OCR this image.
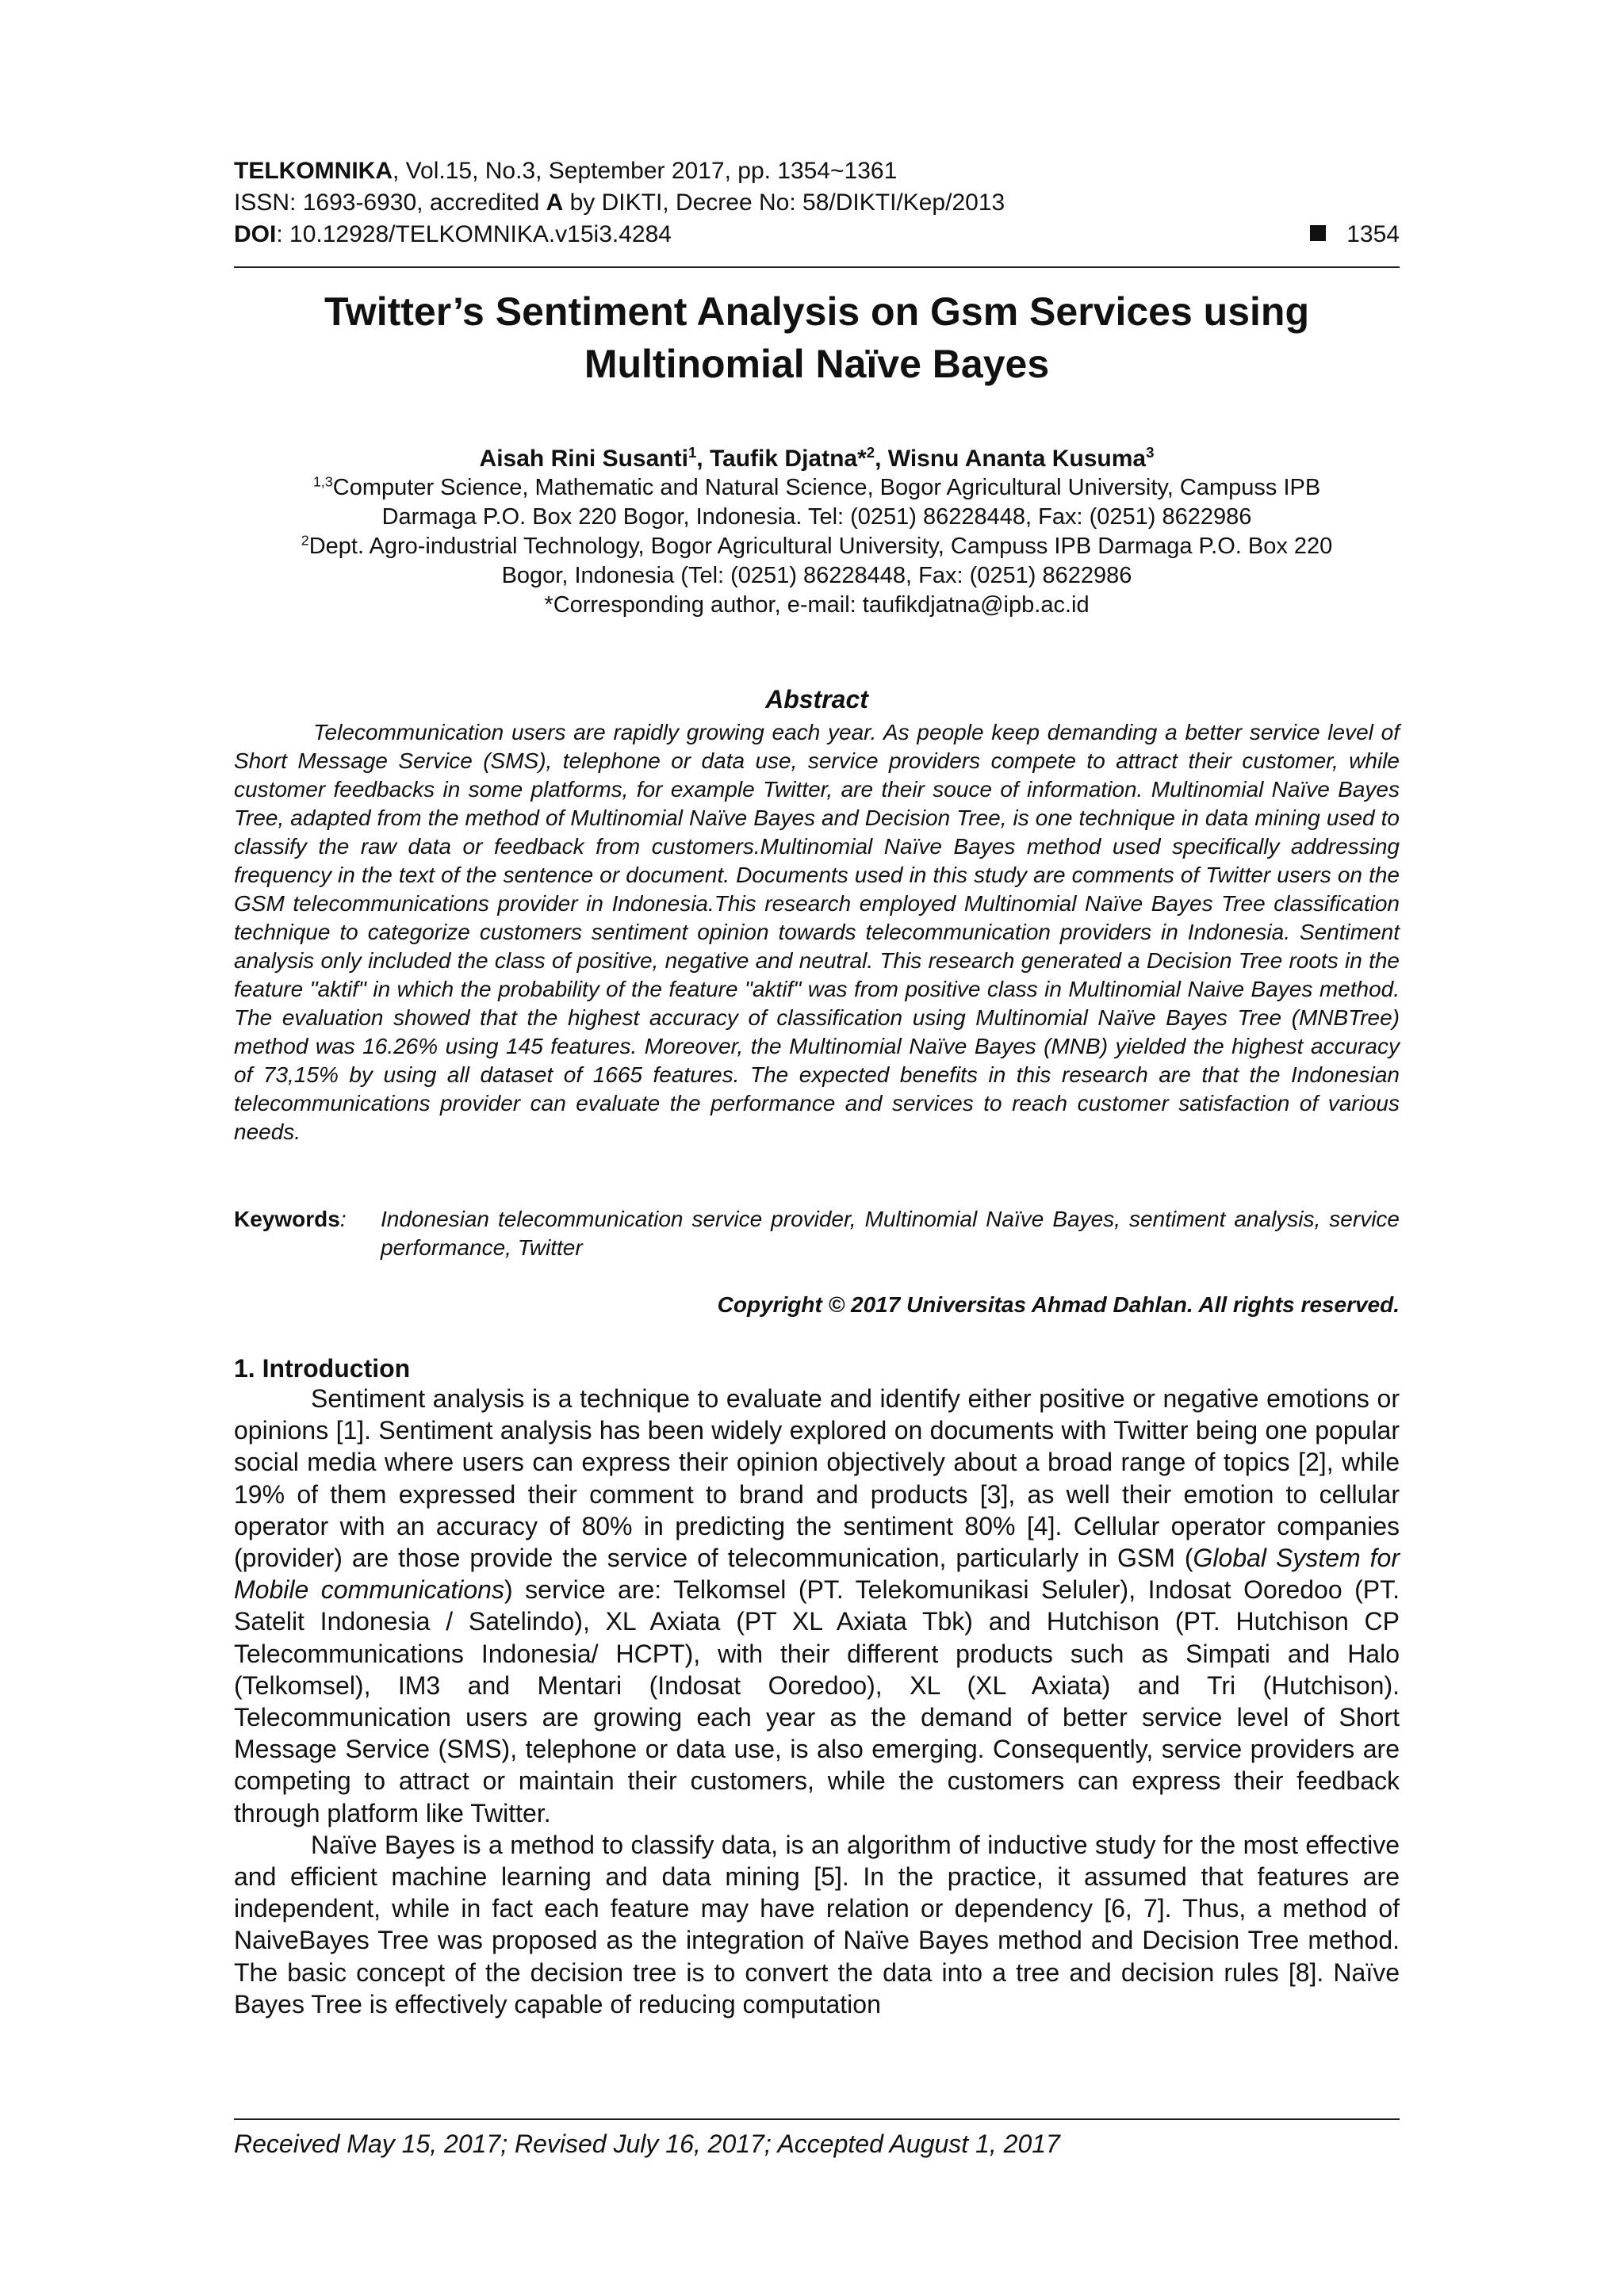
TELKOMNIKA, Vol.15, No.3, September 2017, pp. 1354~1361
ISSN: 1693-6930, accredited A by DIKTI, Decree No: 58/DIKTI/Kep/2013
DOI: 10.12928/TELKOMNIKA.v15i3.4284	1354
Twitter’s Sentiment Analysis on Gsm Services using
Multinomial Naïve Bayes
Aisah Rini Susanti$^1$, Taufik Djatna*$^2$, Wisnu Ananta Kusuma$^3$
$^{1,3}$Computer Science, Mathematic and Natural Science, Bogor Agricultural University, Campuss IPB
Darmaga P.O. Box 220 Bogor, Indonesia. Tel: (0251) 86228448, Fax: (0251) 8622986
$^2$Dept. Agro-industrial Technology, Bogor Agricultural University, Campuss IPB Darmaga P.O. Box 220
Bogor, Indonesia (Tel: (0251) 86228448, Fax: (0251) 8622986
*Corresponding author, e-mail: taufikdjatna@ipb.ac.id
Abstract
Telecommunication users are rapidly growing each year. As people keep demanding a better service level of Short Message Service (SMS), telephone or data use, service providers compete to attract their customer, while customer feedbacks in some platforms, for example Twitter, are their souce of information. Multinomial Naïve Bayes Tree, adapted from the method of Multinomial Naïve Bayes and Decision Tree, is one technique in data mining used to classify the raw data or feedback from customers.Multinomial Naïve Bayes method used specifically addressing frequency in the text of the sentence or document. Documents used in this study are comments of Twitter users on the GSM telecommunications provider in Indonesia.This research employed Multinomial Naïve Bayes Tree classification technique to categorize customers sentiment opinion towards telecommunication providers in Indonesia. Sentiment analysis only included the class of positive, negative and neutral. This research generated a Decision Tree roots in the feature "aktif" in which the probability of the feature "aktif" was from positive class in Multinomial Naive Bayes method. The evaluation showed that the highest accuracy of classification using Multinomial Naïve Bayes Tree (MNBTree) method was 16.26% using 145 features. Moreover, the Multinomial Naïve Bayes (MNB) yielded the highest accuracy of 73,15% by using all dataset of 1665 features. The expected benefits in this research are that the Indonesian telecommunications provider can evaluate the performance and services to reach customer satisfaction of various needs.
Keywords:	Indonesian telecommunication service provider, Multinomial Naïve Bayes, sentiment analysis, service performance, Twitter
Copyright © 2017 Universitas Ahmad Dahlan. All rights reserved.
1. Introduction

Sentiment analysis is a technique to evaluate and identify either positive or negative emotions or opinions [1]. Sentiment analysis has been widely explored on documents with Twitter being one popular social media where users can express their opinion objectively about a broad range of topics [2], while 19% of them expressed their comment to brand and products [3], as well their emotion to cellular operator with an accuracy of 80% in predicting the sentiment 80% [4]. Cellular operator companies (provider) are those provide the service of telecommunication, particularly in GSM (Global System for Mobile communications) service are: Telkomsel (PT. Telekomunikasi Seluler), Indosat Ooredoo (PT. Satelit Indonesia / Satelindo), XL Axiata (PT XL Axiata Tbk) and Hutchison (PT. Hutchison CP Telecommunications Indonesia/ HCPT), with their different products such as Simpati and Halo (Telkomsel), IM3 and Mentari (Indosat Ooredoo), XL (XL Axiata) and Tri (Hutchison). Telecommunication users are growing each year as the demand of better service level of Short Message Service (SMS), telephone or data use, is also emerging. Consequently, service providers are competing to attract or maintain their customers, while the customers can express their feedback through platform like Twitter.

Naïve Bayes is a method to classify data, is an algorithm of inductive study for the most effective and efficient machine learning and data mining [5]. In the practice, it assumed that features are independent, while in fact each feature may have relation or dependency [6, 7]. Thus, a method of NaiveBayes Tree was proposed as the integration of Naïve Bayes method and Decision Tree method. The basic concept of the decision tree is to convert the data into a tree and decision rules [8]. Naïve Bayes Tree is effectively capable of reducing computation

Received May 15, 2017; Revised July 16, 2017; Accepted August 1, 2017
